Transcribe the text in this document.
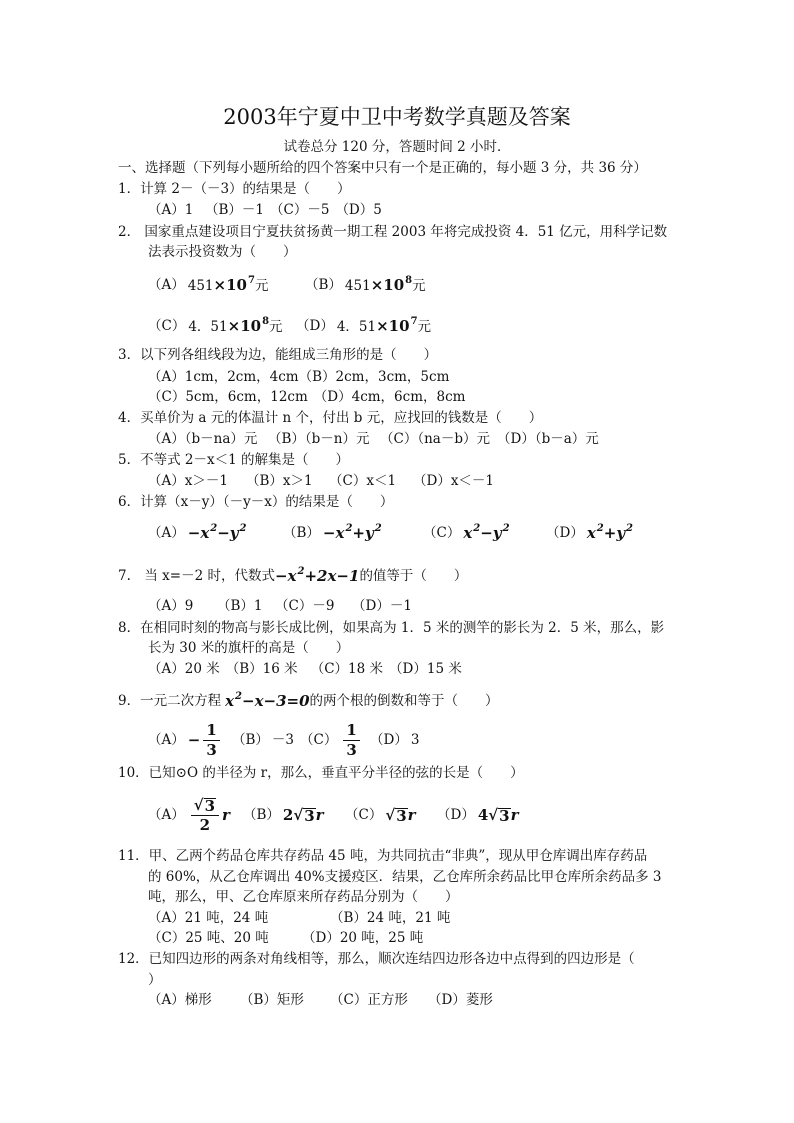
2003年宁夏中卫中考数学真题及答案
试卷总分 120 分，答题时间 2 小时．
一、选择题（下列每小题所给的四个答案中只有一个是正确的，每小题 3 分，共 36 分）
1．计算 2－（－3）的结果是（　　）
（A）1 （B）－1 （C）－5 （D）5
2． 国家重点建设项目宁夏扶贫扬黄一期工程 2003 年将完成投资 4．51 亿元，用科学记数
法表示投资数为（　　）
（A） $451\times 10^7$元	（B） $451\times 10^8$元
（C） 4．$51\times 10^8$元 （D） 4．$51\times 10^7$元
3．以下列各组线段为边，能组成三角形的是（　　）
（A）1cm，2cm，4cm （B）2cm，3cm，5cm
（C）5cm，6cm，12cm （D）4cm，6cm，8cm
4．买单价为 a 元的体温计 n 个，付出 b 元，应找回的钱数是（　　）
（A）（b－na）元 （B）（b－n）元 （C）（na－b）元 （D）（b－a）元
5．不等式 2－x＜1 的解集是（　　）
（A）x＞－1	（B）x＞1	（C）x＜1	（D）x＜－1
6．计算（x－y）（－y－x）的结果是（　　）
$(A) -x^2-y^2$	$(B) -x^2+y^2$	（C） $x^2-y^2$	（D） $x^2+y^2$
7.　当 x=－2 时，代数式 $-x^2+2x-1$ 的值等于（　　）
（A）9	（B）1 （C）－9	（D）－1
8．在相同时刻的物高与影长成比例，如果高为 1．5 米的测竿的影长为 2．5 米，那么，影
长为 30 米的旗杆的高是（　　）
（A）20 米 （B）16 米 （C）18 米 （D）15 米
9．一元二次方程 $x^2-x-3=0$ 的两个根的倒数和等于（　　）
$(A) - \frac{1}{3} (B) -3$ $(C) \frac{1}{3} (D)$ 3
10．已知⊙O 的半径为 r，那么，垂直平分半径的弦的长是（　　）
$(A) \frac{√ 3}{2}$ r （B） 2 √ 3 r （C） √ 3 r （D） 4 √ 3 r
11．甲、乙两个药品仓库共存药品 45 吨，为共同抗击“非典”，现从甲仓库调出库存药品
的 60%，从乙仓库调出 40%支援疫区．结果，乙仓库所余药品比甲仓库所余药品多 3
吨，那么，甲、乙仓库原来所存药品分别为（　　）
（A）21 吨，24 吨	（B）24 吨，21 吨
（C）25 吨、20 吨	（D）20 吨，25 吨
12．已知四边形的两条对角线相等，那么，顺次连结四边形各边中点得到的四边形是（
）
（A）梯形	（B）矩形	（C）正方形	（D）菱形
